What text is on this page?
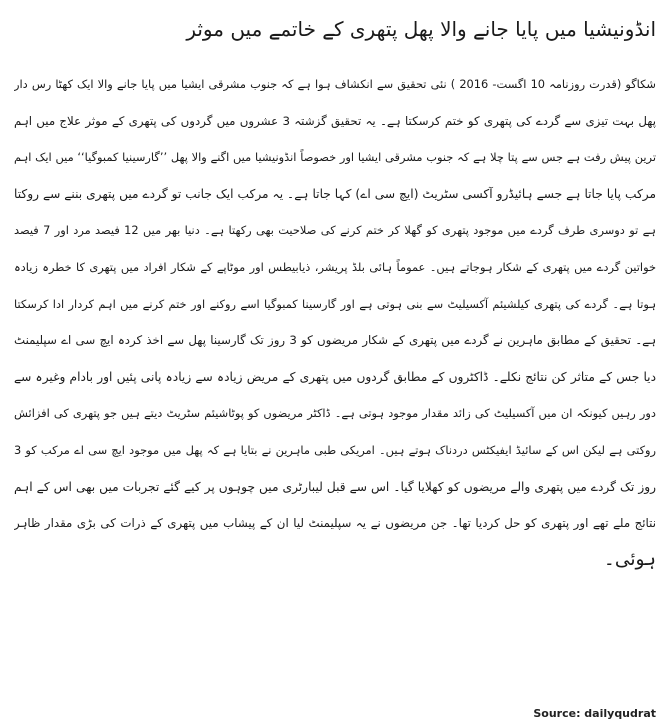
انڈونیشیا میں پایا جانے والا پھل پتھری کے خاتمے میں موثر
شکاگو (قدرت روزنامہ 10 اگست- 2016 ) نئی تحقیق سے انکشاف ہوا ہے کہ جنوب مشرقی ایشیا میں پایا جانے والا ایک کھٹا رس دار
پھل بہت تیزی سے گردے کی پتھری کو ختم کرسکتا ہے۔ یہ تحقیق گزشتہ 3 عشروں میں گردوں کی پتھری کے موثر علاج میں اہم
ترین پیش رفت ہے جس سے پتا چلا ہے کہ جنوب مشرقی ایشیا اور خصوصاً انڈونیشیا میں اگنے والا پھل ’’گارسینیا کمبوگیا‘‘ میں ایک اہم
مرکب پایا جاتا ہے جسے ہائیڈرو آکسی سٹریٹ (ایچ سی اے) کہا جاتا ہے۔ یہ مرکب ایک جانب تو گردے میں پتھری بننے سے روکتا
ہے تو دوسری طرف گردے میں موجود پتھری کو گھلا کر ختم کرنے کی صلاحیت بھی رکھتا ہے۔ دنیا بھر میں 12 فیصد مرد اور 7 فیصد
خواتین گردے میں پتھری کے شکار ہوجاتے ہیں۔ عموماً ہائی بلڈ پریشر، ذیابیطس اور موٹاپے کے شکار افراد میں پتھری کا خطرہ زیادہ
ہوتا ہے۔ گردے کی پتھری کیلشیئم آکسیلیٹ سے بنی ہوتی ہے اور گارسینا کمبوگیا اسے روکنے اور ختم کرنے میں اہم کردار ادا کرسکتا
ہے۔ تحقیق کے مطابق ماہرین نے گردے میں پتھری کے شکار مریضوں کو 3 روز تک گارسینا پھل سے اخذ کردہ ایچ سی اے سپلیمنٹ
دیا جس کے متاثر کن نتائج نکلے۔ ڈاکٹروں کے مطابق گردوں میں پتھری کے مریض زیادہ سے زیادہ پانی پئیں اور بادام وغیرہ سے
دور رہیں کیونکہ ان میں آکسیلیٹ کی زائد مقدار موجود ہوتی ہے۔ ڈاکٹر مریضوں کو پوٹاشیئم سٹریٹ دیتے ہیں جو پتھری کی افزائش
روکتی ہے لیکن اس کے سائیڈ ایفیکٹس دردناک ہوتے ہیں۔ امریکی طبی ماہرین نے بتایا ہے کہ پھل میں موجود ایچ سی اے مرکب کو 3
روز تک گردے میں پتھری والے مریضوں کو کھلایا گیا۔ اس سے قبل لیبارٹری میں چوہوں پر کیے گئے تجربات میں بھی اس کے اہم
نتائج ملے تھے اور پتھری کو حل کردیا تھا۔ جن مریضوں نے یہ سپلیمنٹ لیا ان کے پیشاب میں پتھری کے ذرات کی بڑی مقدار ظاہر
ہوئی۔
Source: dailyqudrat
